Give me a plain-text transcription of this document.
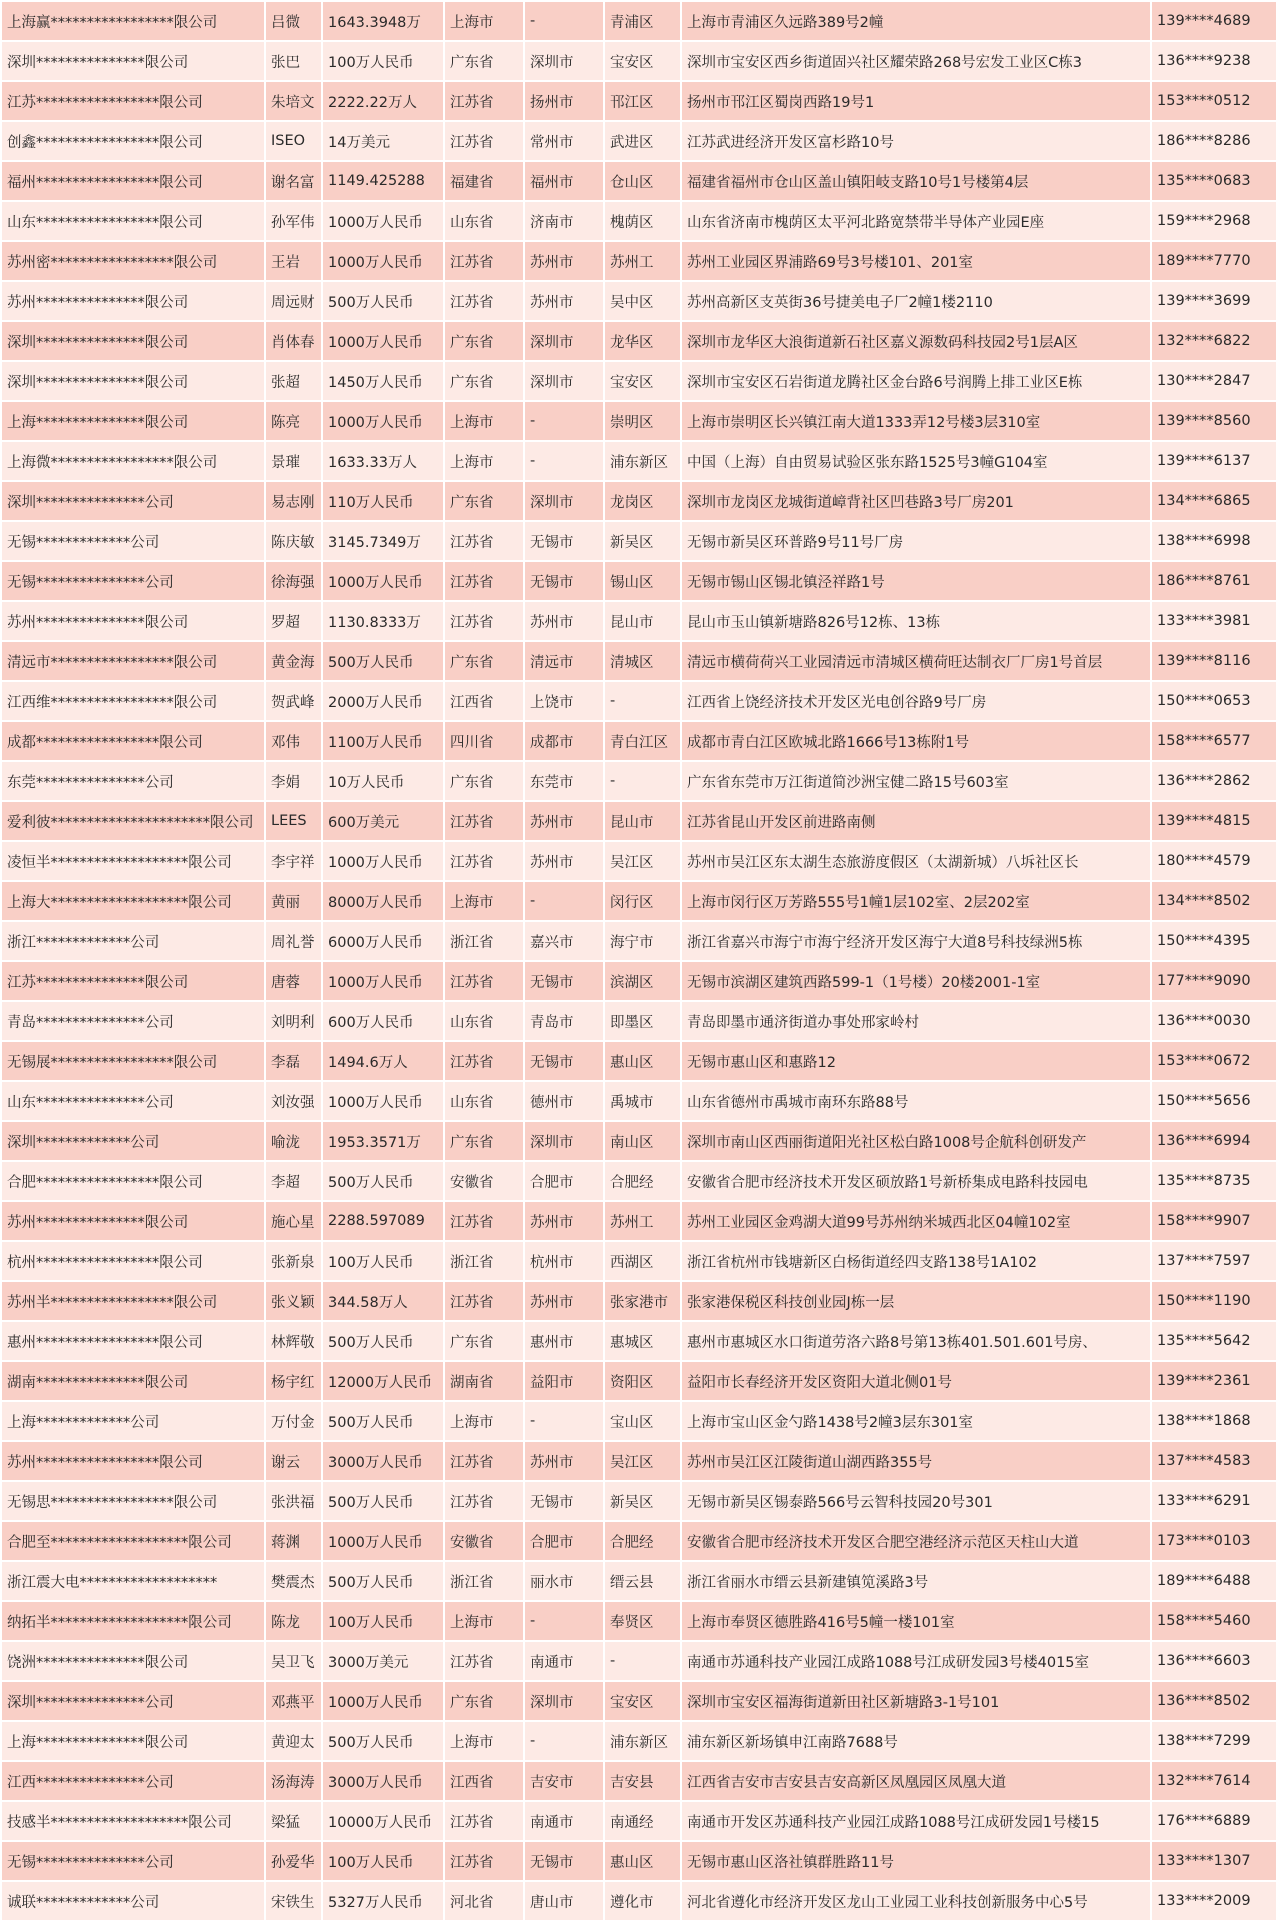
上海赢*****************限公司	吕微	1643.3948万	上海市	-	青浦区	上海市青浦区久远路389号2幢	139****4689
深圳***************限公司	张巴	100万人民币	广东省	深圳市	宝安区	深圳市宝安区西乡街道固兴社区耀荣路268号宏发工业区C栋3	136****9238
江苏*****************限公司	朱培文	2222.22万人	江苏省	扬州市	邗江区	扬州市邗江区蜀岗西路19号1	153****0512
创鑫*****************限公司	ISEO	14万美元	江苏省	常州市	武进区	江苏武进经济开发区富杉路10号	186****8286
福州*****************限公司	谢名富	1149.425288	福建省	福州市	仓山区	福建省福州市仓山区盖山镇阳岐支路10号1号楼第4层	135****0683
山东*****************限公司	孙军伟	1000万人民币	山东省	济南市	槐荫区	山东省济南市槐荫区太平河北路宽禁带半导体产业园E座	159****2968
苏州密*****************限公司	王岩	1000万人民币	江苏省	苏州市	苏州工	苏州工业园区界浦路69号3号楼101、201室	189****7770
苏州***************限公司	周远财	500万人民币	江苏省	苏州市	吴中区	苏州高新区支英街36号捷美电子厂2幢1楼2110	139****3699
深圳***************限公司	肖体春	1000万人民币	广东省	深圳市	龙华区	深圳市龙华区大浪街道新石社区嘉义源数码科技园2号1层A区	132****6822
深圳***************限公司	张超	1450万人民币	广东省	深圳市	宝安区	深圳市宝安区石岩街道龙腾社区金台路6号润腾上排工业区E栋	130****2847
上海***************限公司	陈亮	1000万人民币	上海市	-	崇明区	上海市崇明区长兴镇江南大道1333弄12号楼3层310室	139****8560
上海微*****************限公司	景璀	1633.33万人	上海市	-	浦东新区	中国（上海）自由贸易试验区张东路1525号3幢G104室	139****6137
深圳***************公司	易志刚	110万人民币	广东省	深圳市	龙岗区	深圳市龙岗区龙城街道嶂背社区凹巷路3号厂房201	134****6865
无锡*************公司	陈庆敏	3145.7349万	江苏省	无锡市	新吴区	无锡市新吴区环普路9号11号厂房	138****6998
无锡***************公司	徐海强	1000万人民币	江苏省	无锡市	锡山区	无锡市锡山区锡北镇泾祥路1号	186****8761
苏州***************限公司	罗超	1130.8333万	江苏省	苏州市	昆山市	昆山市玉山镇新塘路826号12栋、13栋	133****3981
清远市*****************限公司	黄金海	500万人民币	广东省	清远市	清城区	清远市横荷荷兴工业园清远市清城区横荷旺达制衣厂厂房1号首层	139****8116
江西维*****************限公司	贺武峰	2000万人民币	江西省	上饶市	-	江西省上饶经济技术开发区光电创谷路9号厂房	150****0653
成都*****************限公司	邓伟	1100万人民币	四川省	成都市	青白江区	成都市青白江区欧城北路1666号13栋附1号	158****6577
东莞***************公司	李娟	10万人民币	广东省	东莞市	-	广东省东莞市万江街道简沙洲宝健二路15号603室	136****2862
爱利彼**********************限公司	LEES	600万美元	江苏省	苏州市	昆山市	江苏省昆山开发区前进路南侧	139****4815
凌恒半*******************限公司	李宇祥	1000万人民币	江苏省	苏州市	吴江区	苏州市吴江区东太湖生态旅游度假区（太湖新城）八坼社区长	180****4579
上海大*******************限公司	黄丽	8000万人民币	上海市	-	闵行区	上海市闵行区万芳路555号1幢1层102室、2层202室	134****8502
浙江*************公司	周礼誉	6000万人民币	浙江省	嘉兴市	海宁市	浙江省嘉兴市海宁市海宁经济开发区海宁大道8号科技绿洲5栋	150****4395
江苏***************限公司	唐蓉	1000万人民币	江苏省	无锡市	滨湖区	无锡市滨湖区建筑西路599-1（1号楼）20楼2001-1室	177****9090
青岛***************公司	刘明利	600万人民币	山东省	青岛市	即墨区	青岛即墨市通济街道办事处邢家岭村	136****0030
无锡展*****************限公司	李磊	1494.6万人	江苏省	无锡市	惠山区	无锡市惠山区和惠路12	153****0672
山东***************公司	刘汝强	1000万人民币	山东省	德州市	禹城市	山东省德州市禹城市南环东路88号	150****5656
深圳*************公司	喻泷	1953.3571万	广东省	深圳市	南山区	深圳市南山区西丽街道阳光社区松白路1008号企航科创研发产	136****6994
合肥*****************限公司	李超	500万人民币	安徽省	合肥市	合肥经	安徽省合肥市经济技术开发区硕放路1号新桥集成电路科技园电	135****8735
苏州***************限公司	施心星	2288.597089	江苏省	苏州市	苏州工	苏州工业园区金鸡湖大道99号苏州纳米城西北区04幢102室	158****9907
杭州*****************限公司	张新泉	100万人民币	浙江省	杭州市	西湖区	浙江省杭州市钱塘新区白杨街道经四支路138号1A102	137****7597
苏州半*****************限公司	张义颖	344.58万人	江苏省	苏州市	张家港市	张家港保税区科技创业园J栋一层	150****1190
惠州*****************限公司	林辉敬	500万人民币	广东省	惠州市	惠城区	惠州市惠城区水口街道劳洛六路8号第13栋401.501.601号房、	135****5642
湖南***************限公司	杨宇红	12000万人民币	湖南省	益阳市	资阳区	益阳市长春经济开发区资阳大道北侧01号	139****2361
上海*************公司	万付金	500万人民币	上海市	-	宝山区	上海市宝山区金勺路1438号2幢3层东301室	138****1868
苏州*****************限公司	谢云	3000万人民币	江苏省	苏州市	吴江区	苏州市吴江区江陵街道山湖西路355号	137****4583
无锡思*****************限公司	张洪福	500万人民币	江苏省	无锡市	新吴区	无锡市新吴区锡泰路566号云智科技园20号301	133****6291
合肥至*******************限公司	蒋渊	1000万人民币	安徽省	合肥市	合肥经	安徽省合肥市经济技术开发区合肥空港经济示范区天柱山大道	173****0103
浙江震大电*******************	樊震杰	500万人民币	浙江省	丽水市	缙云县	浙江省丽水市缙云县新建镇笕溪路3号	189****6488
纳拓半*******************限公司	陈龙	100万人民币	上海市	-	奉贤区	上海市奉贤区德胜路416号5幢一楼101室	158****5460
饶洲***************限公司	吴卫飞	3000万美元	江苏省	南通市	-	南通市苏通科技产业园江成路1088号江成研发园3号楼4015室	136****6603
深圳***************公司	邓燕平	1000万人民币	广东省	深圳市	宝安区	深圳市宝安区福海街道新田社区新塘路3-1号101	136****8502
上海***************限公司	黄迎太	500万人民币	上海市	-	浦东新区	浦东新区新场镇申江南路7688号	138****7299
江西***************公司	汤海涛	3000万人民币	江西省	吉安市	吉安县	江西省吉安市吉安县吉安高新区凤凰园区凤凰大道	132****7614
技感半*******************限公司	梁猛	10000万人民币	江苏省	南通市	南通经	南通市开发区苏通科技产业园江成路1088号江成研发园1号楼15	176****6889
无锡***************公司	孙爱华	100万人民币	江苏省	无锡市	惠山区	无锡市惠山区洛社镇群胜路11号	133****1307
诚联*************公司	宋铁生	5327万人民币	河北省	唐山市	遵化市	河北省遵化市经济开发区龙山工业园工业科技创新服务中心5号	133****2009
